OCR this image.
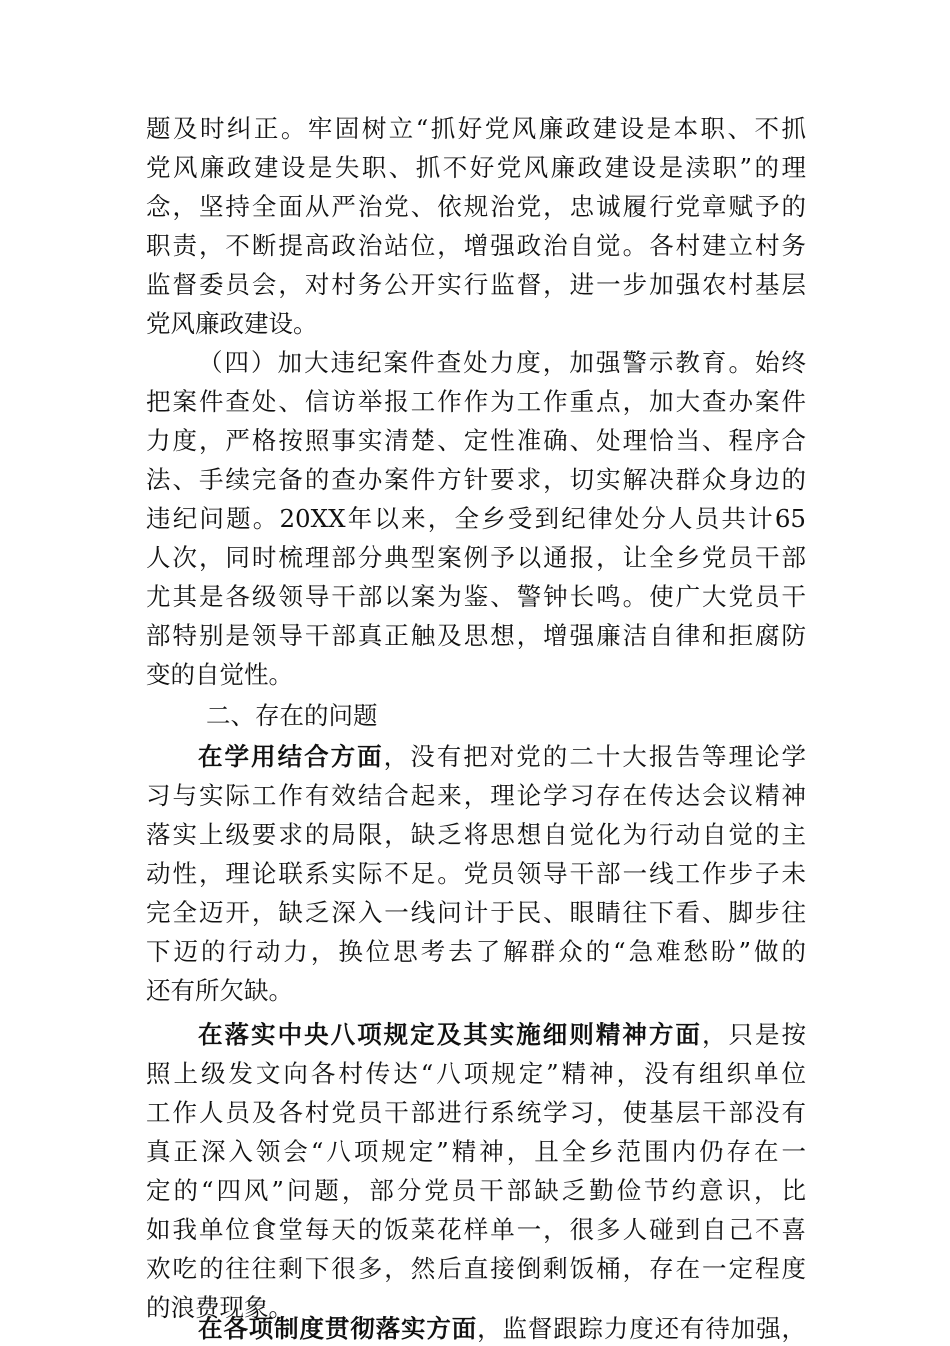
题及时纠正。牢固树立“抓好党风廉政建设是本职、不抓
党风廉政建设是失职、抓不好党风廉政建设是渎职”的理
念，坚持全面从严治党、依规治党，忠诚履行党章赋予的
职责，不断提高政治站位，增强政治自觉。各村建立村务
监督委员会，对村务公开实行监督，进一步加强农村基层
党风廉政建设。
（四）加大违纪案件查处力度，加强警示教育。始终
把案件查处、信访举报工作作为工作重点，加大查办案件
力度，严格按照事实清楚、定性准确、处理恰当、程序合
法、手续完备的查办案件方针要求，切实解决群众身边的
违纪问题。20XX年以来，全乡受到纪律处分人员共计65
人次，同时梳理部分典型案例予以通报，让全乡党员干部
尤其是各级领导干部以案为鉴、警钟长鸣。使广大党员干
部特别是领导干部真正触及思想，增强廉洁自律和拒腐防
变的自觉性。
二、存在的问题
在学用结合方面，没有把对党的二十大报告等理论学
习与实际工作有效结合起来，理论学习存在传达会议精神
落实上级要求的局限，缺乏将思想自觉化为行动自觉的主
动性，理论联系实际不足。党员领导干部一线工作步子未
完全迈开，缺乏深入一线问计于民、眼睛往下看、脚步往
下迈的行动力，换位思考去了解群众的“急难愁盼”做的
还有所欠缺。
在落实中央八项规定及其实施细则精神方面，只是按
照上级发文向各村传达“八项规定”精神，没有组织单位
工作人员及各村党员干部进行系统学习，使基层干部没有
真正深入领会“八项规定”精神，且全乡范围内仍存在一
定的“四风”问题，部分党员干部缺乏勤俭节约意识，比
如我单位食堂每天的饭菜花样单一，很多人碰到自己不喜
欢吃的往往剩下很多，然后直接倒剩饭桶，存在一定程度
的浪费现象。
在各项制度贯彻落实方面，监督跟踪力度还有待加强，
